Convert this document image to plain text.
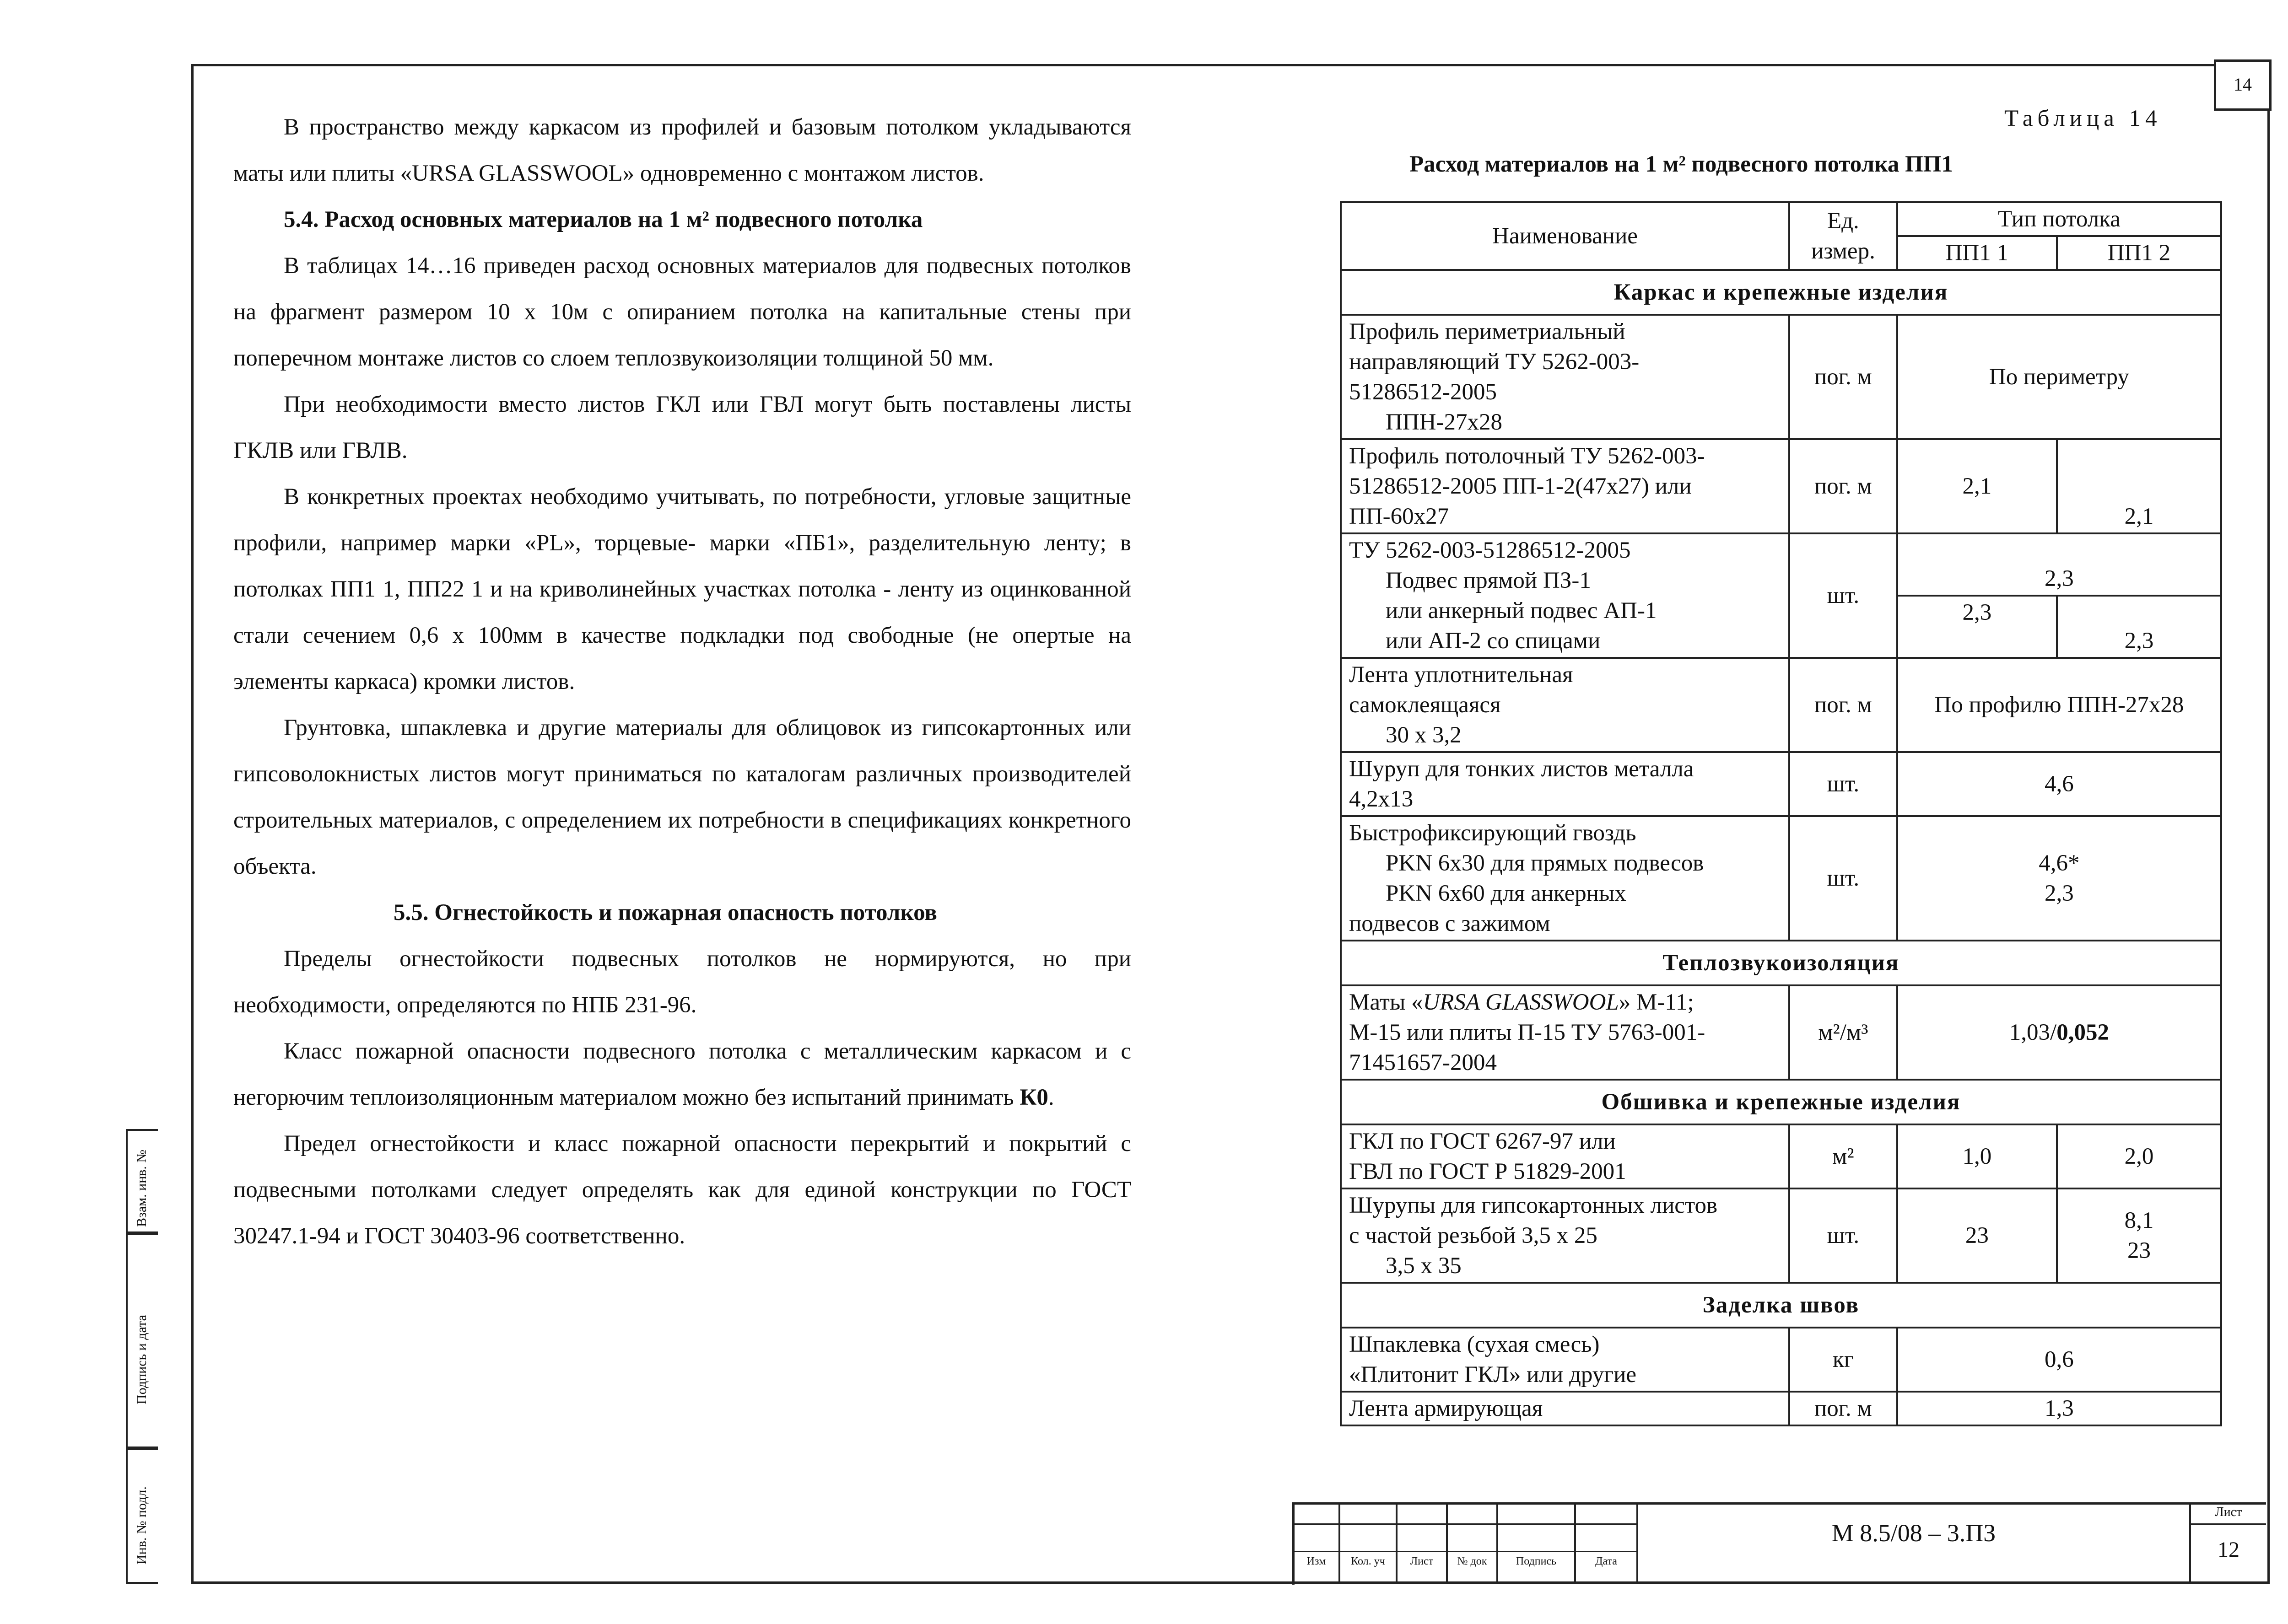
14
Взам. инв. №
Подпись и дата
Инв. № подл.

В пространство между каркасом из профилей и базовым потолком укладываются маты или плиты «URSA GLASSWOOL» одновременно с монтажом листов.

5.4. Расход основных материалов на 1 м² подвесного потолка

В таблицах 14…16 приведен расход основных материалов для подвесных потолков на фрагмент размером 10 х 10м с опиранием потолка на капитальные стены при поперечном монтаже листов со слоем теплозвукоизоляции толщиной 50 мм.

При необходимости вместо листов ГКЛ или ГВЛ могут быть поставлены листы ГКЛВ или ГВЛВ.

В конкретных проектах необходимо учитывать, по потребности, угловые защитные профили, например марки «PL», торцевые- марки «ПБ1», разделительную ленту; в потолках ПП1 1, ПП22 1 и на криволинейных участках потолка - ленту из оцинкованной стали сечением 0,6 х 100мм в качестве подкладки под свободные (не опертые на элементы каркаса) кромки листов.

Грунтовка, шпаклевка и другие материалы для облицовок из гипсокартонных или гипсоволокнистых листов могут приниматься по каталогам различных производителей строительных материалов, с определением их потребности в спецификациях конкретного объекта.

5.5. Огнестойкость и пожарная опасность потолков

Пределы огнестойкости подвесных потолков не нормируются, но при необходимости, определяются по НПБ 231-96.

Класс пожарной опасности подвесного потолка с металлическим каркасом и с негорючим теплоизоляционным материалом можно без испытаний принимать К0.

Предел огнестойкости и класс пожарной опасности перекрытий и покрытий с подвесными потолками следует определять как для единой конструкции по ГОСТ 30247.1-94 и ГОСТ 30403-96 соответственно.

Таблица 14
Расход материалов на 1 м² подвесного потолка ПП1
Наименование	Ед. измер.	Тип потолка	
		ПП1 1	ПП1 2
Каркас и крепежные изделия			
Профиль периметриальный
направляющий ТУ 5262-003-
51286512-2005

ППН-27х28	пог. м	По периметру	
Профиль потолочный ТУ 5262-003-
51286512-2005 ПП-1-2(47х27) или
ПП-60х27	пог. м	2,1	2,1
ТУ 5262-003-51286512-2005

Подвес прямой ПЗ-1
или анкерный подвес АП-1
или АП-2 со спицами	шт.	2,3	
		2,3	2,3
Лента уплотнительная
самоклеящаяся

30 х 3,2	пог. м	По профилю ППН-27х28	
Шуруп для тонких листов металла
4,2х13	шт.	4,6	
Быстрофиксирующий гвоздь

PKN 6х30 для прямых подвесов
PKN 6х60 для анкерных
подвесов с зажимом	шт.	4,6*
2,3	
Теплозвукоизоляция			
Маты «URSA GLASSWOOL» М-11;
М-15 или плиты П-15 ТУ 5763-001-
71451657-2004	м²/м³	1,03/0,052	
Обшивка и крепежные изделия			
ГКЛ по ГОСТ 6267-97 или
ГВЛ по ГОСТ Р 51829-2001	м²	1,0	2,0
Шурупы для гипсокартонных листов
с частой резьбой 3,5 х 25

3,5 х 35	шт.	23	8,1
23
Заделка швов			
Шпаклевка (сухая смесь)
«Плитонит ГКЛ» или другие	кг	0,6	
Лента армирующая	пог. м	1,3	
Изм	Кол. уч	Лист	№ док	Подпись	Дата
М 8.5/08 – 3.ПЗ
Лист
12
